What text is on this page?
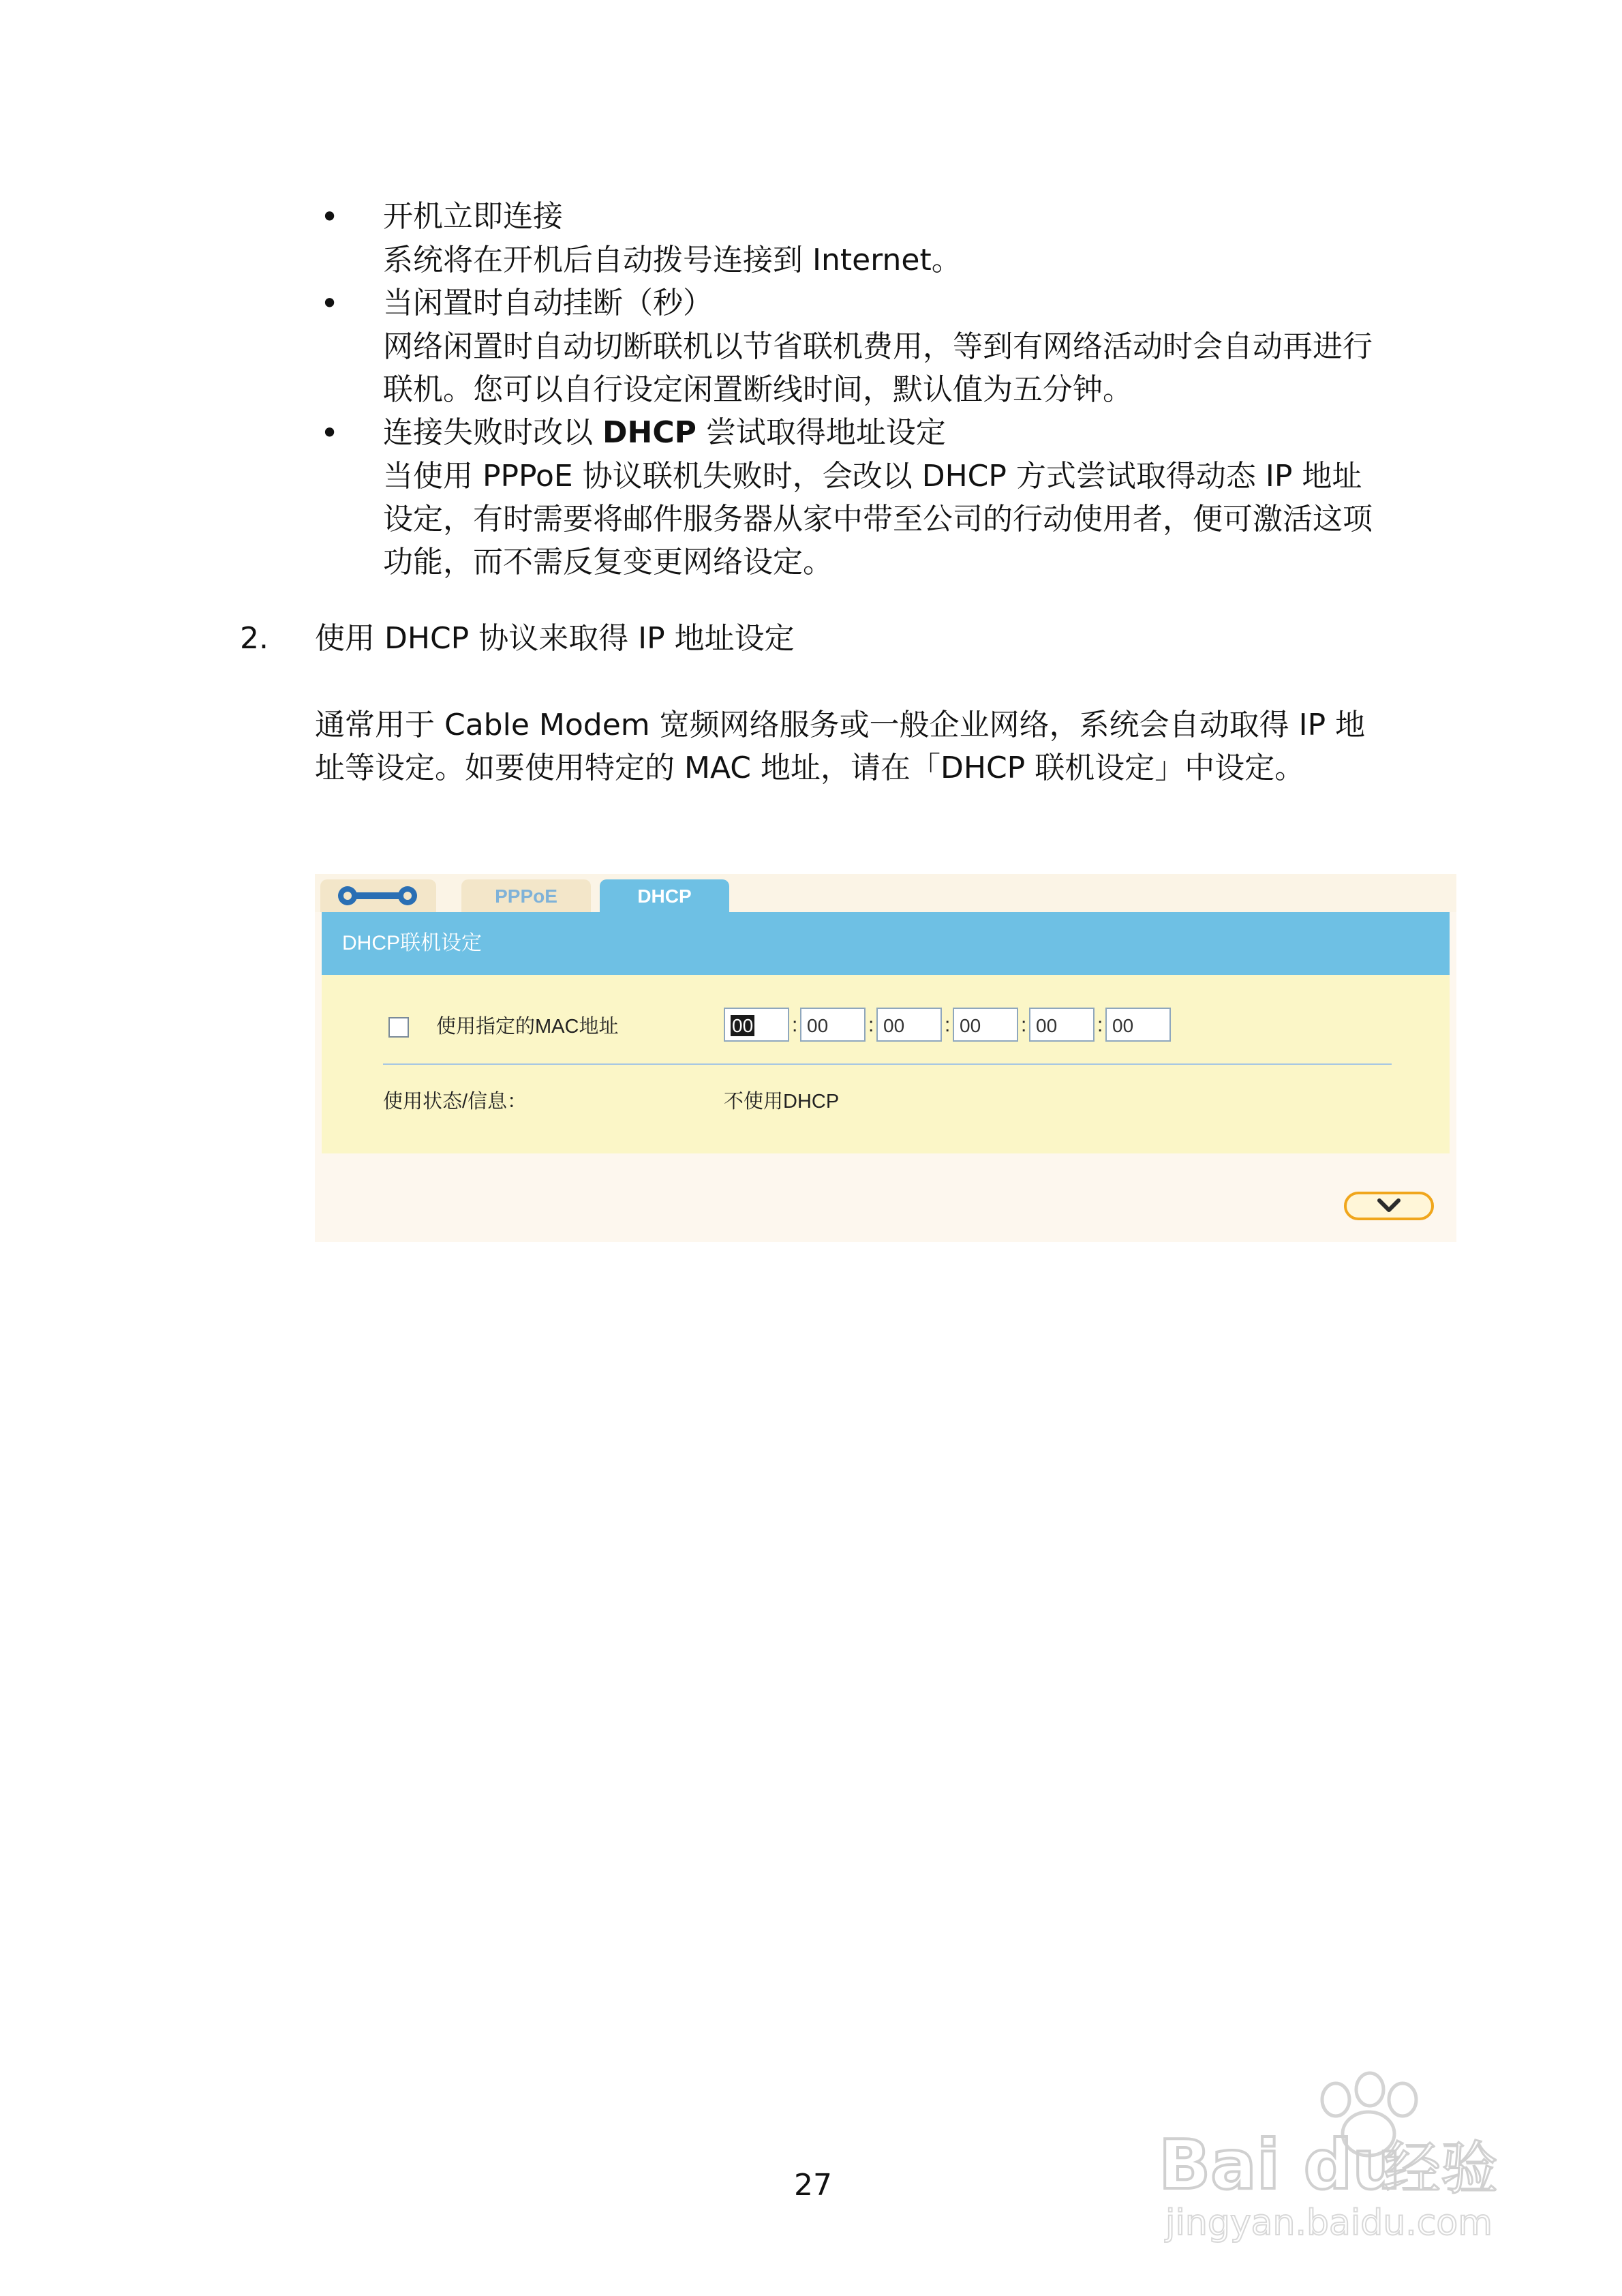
• 开机立即连接
系统将在开机后自动拨号连接到 Internet。
• 当闲置时自动挂断（秒）
网络闲置时自动切断联机以节省联机费用，等到有网络活动时会自动再进行联机。您可以自行设定闲置断线时间，默认值为五分钟。
• 连接失败时改以 DHCP 尝试取得地址设定
当使用 PPPoE 协议联机失败时，会改以 DHCP 方式尝试取得动态 IP 地址设定，有时需要将邮件服务器从家中带至公司的行动使用者，便可激活这项功能，而不需反复变更网络设定。
2. 使用 DHCP 协议来取得 IP 地址设定
通常用于 Cable Modem 宽频网络服务或一般企业网络，系统会自动取得 IP 地址等设定。如要使用特定的 MAC 地址，请在「DHCP 联机设定」中设定。
PPPoE	DHCP
DHCP联机设定
使用指定的MAC地址	00	: 00	: 00	: 00	: 00	: 00
使用状态/信息：	不使用DHCP
27	Bai du
经验
jingyan.baidu.com
